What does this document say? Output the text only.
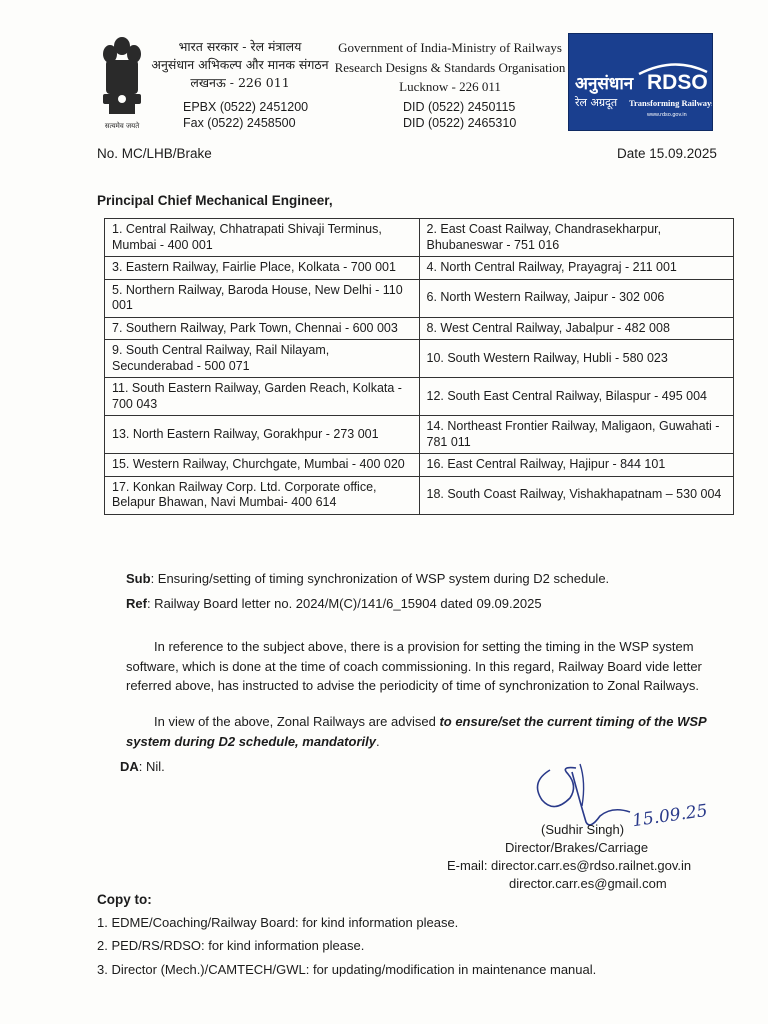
सत्यमेव जयते
भारत सरकार - रेल मंत्रालय
अनुसंधान अभिकल्प और मानक संगठन
लखनऊ - 226 011
EPBX (0522) 2451200
Fax (0522) 2458500
Government of India-Ministry of Railways
Research Designs & Standards Organisation
Lucknow - 226 011
DID (0522) 2450115
DID (0522) 2465310
अनुसंधान RDSO
रेल अग्रदूत Transforming Railways
www.rdso.gov.in
No. MC/LHB/Brake	Date 15.09.2025
Principal Chief Mechanical Engineer,
1. Central Railway, Chhatrapati Shivaji Terminus, Mumbai - 400 001	2. East Coast Railway, Chandrasekharpur, Bhubaneswar - 751 016
3. Eastern Railway, Fairlie Place, Kolkata - 700 001	4. North Central Railway, Prayagraj - 211 001
5. Northern Railway, Baroda House, New Delhi - 110 001	6. North Western Railway, Jaipur - 302 006
7. Southern Railway, Park Town, Chennai - 600 003	8. West Central Railway, Jabalpur - 482 008
9. South Central Railway, Rail Nilayam, Secunderabad - 500 071	10. South Western Railway, Hubli - 580 023
11. South Eastern Railway, Garden Reach, Kolkata - 700 043	12. South East Central Railway, Bilaspur - 495 004
13. North Eastern Railway, Gorakhpur - 273 001	14. Northeast Frontier Railway, Maligaon, Guwahati - 781 011
15. Western Railway, Churchgate, Mumbai - 400 020	16. East Central Railway, Hajipur - 844 101
17. Konkan Railway Corp. Ltd. Corporate office, Belapur Bhawan, Navi Mumbai- 400 614	18. South Coast Railway, Vishakhapatnam – 530 004
Sub: Ensuring/setting of timing synchronization of WSP system during D2 schedule.
Ref: Railway Board letter no. 2024/M(C)/141/6_15904 dated 09.09.2025
In reference to the subject above, there is a provision for setting the timing in the WSP system software, which is done at the time of coach commissioning. In this regard, Railway Board vide letter referred above, has instructed to advise the periodicity of time of synchronization to Zonal Railways.
In view of the above, Zonal Railways are advised to ensure/set the current timing of the WSP system during D2 schedule, mandatorily.
DA: Nil.
15.09.25
(Sudhir Singh)
Director/Brakes/Carriage
E-mail: director.carr.es@rdso.railnet.gov.in
director.carr.es@gmail.com
Copy to:
1. EDME/Coaching/Railway Board: for kind information please.
2. PED/RS/RDSO: for kind information please.
3. Director (Mech.)/CAMTECH/GWL: for updating/modification in maintenance manual.
